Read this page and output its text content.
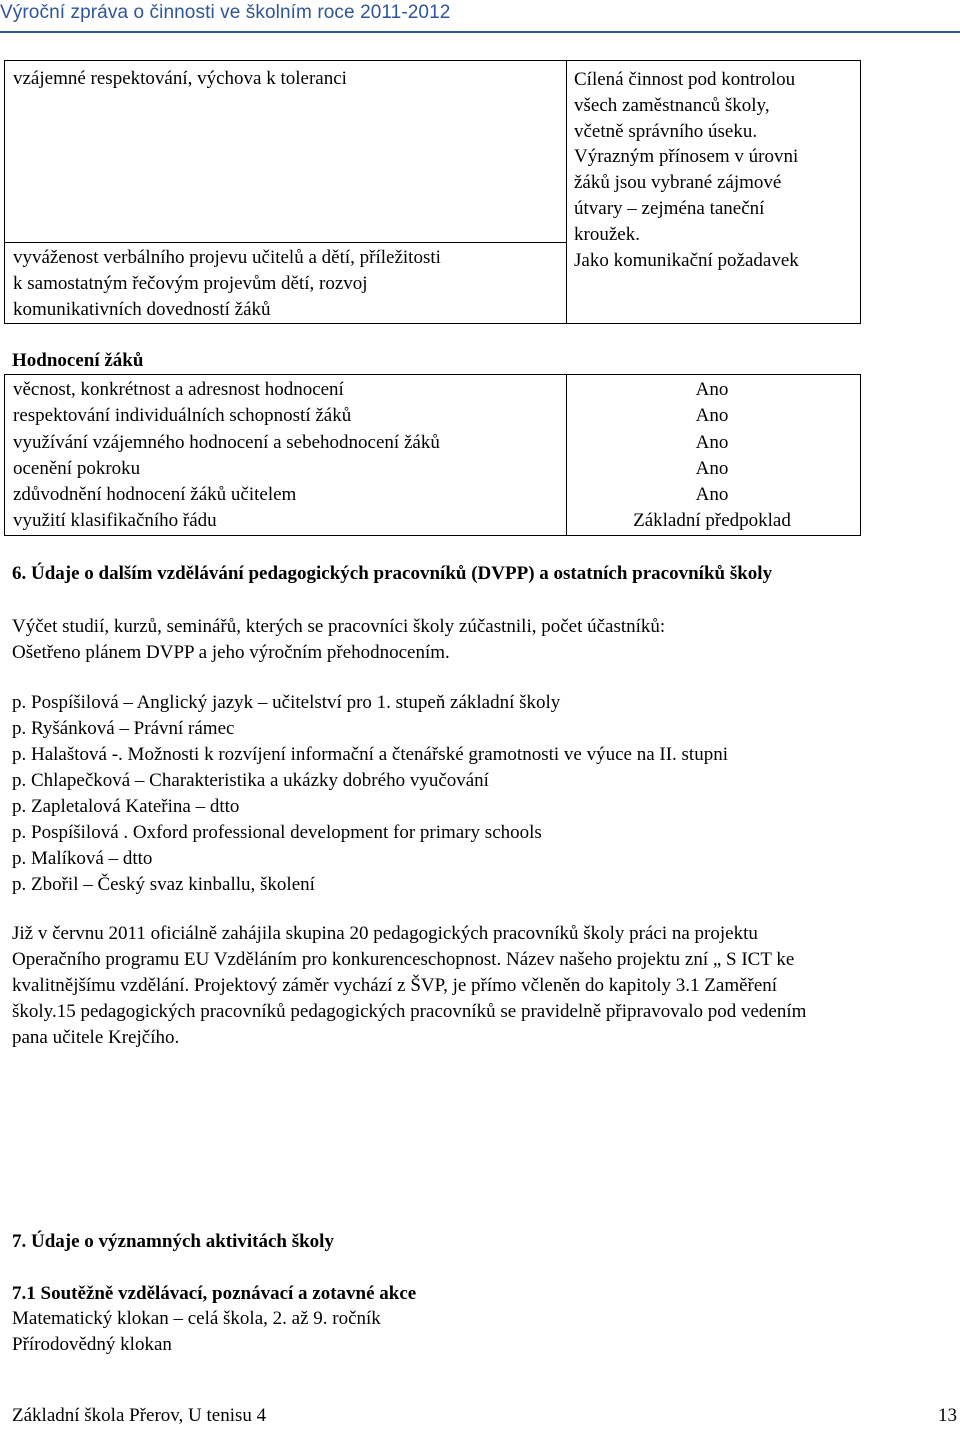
Výroční zpráva o činnosti ve školním roce 2011-2012
vzájemné respektování, výchova k toleranci
vyváženost verbálního projevu učitelů a dětí, příležitosti
k samostatným řečovým projevům dětí, rozvoj
komunikativních dovedností žáků
Cílená činnost pod kontrolou
všech zaměstnanců školy,
včetně správního úseku.
Výrazným přínosem v úrovni
žáků jsou vybrané zájmové
útvary – zejména taneční
kroužek.
Jako komunikační požadavek
věcnost, konkrétnost a adresnost hodnocení
respektování individuálních schopností žáků
využívání vzájemného hodnocení a sebehodnocení žáků
ocenění pokroku
zdůvodnění hodnocení žáků učitelem
využití klasifikačního řádu
Ano
Ano
Ano
Ano
Ano
Základní předpoklad
Hodnocení žáků
6. Údaje o dalším vzdělávání pedagogických pracovníků (DVPP) a ostatních pracovníků školy
Výčet studií, kurzů, seminářů, kterých se pracovníci školy zúčastnili, počet účastníků:
Ošetřeno plánem DVPP a jeho výročním přehodnocením.
p. Pospíšilová – Anglický jazyk – učitelství pro 1. stupeň základní školy
p. Ryšánková – Právní rámec
p. Halaštová -. Možnosti k rozvíjení informační a čtenářské gramotnosti ve výuce na II. stupni
p. Chlapečková – Charakteristika a ukázky dobrého vyučování
p. Zapletalová Kateřina – dtto
p. Pospíšilová . Oxford professional development for primary schools
p. Malíková – dtto
p. Zbořil – Český svaz kinballu, školení
Již v červnu 2011 oficiálně zahájila skupina 20 pedagogických pracovníků školy práci na projektu
Operačního programu EU Vzděláním pro konkurenceschopnost. Název našeho projektu zní „ S ICT ke
kvalitnějšímu vzdělání. Projektový záměr vychází z ŠVP, je přímo včleněn do kapitoly 3.1 Zaměření
školy.15 pedagogických pracovníků pedagogických pracovníků se pravidelně připravovalo pod vedením
pana učitele Krejčího.
7. Údaje o významných aktivitách školy
7.1 Soutěžně vzdělávací, poznávací a zotavné akce
Matematický klokan – celá škola, 2. až 9. ročník
Přírodovědný klokan
Základní škola Přerov, U tenisu 4	13
